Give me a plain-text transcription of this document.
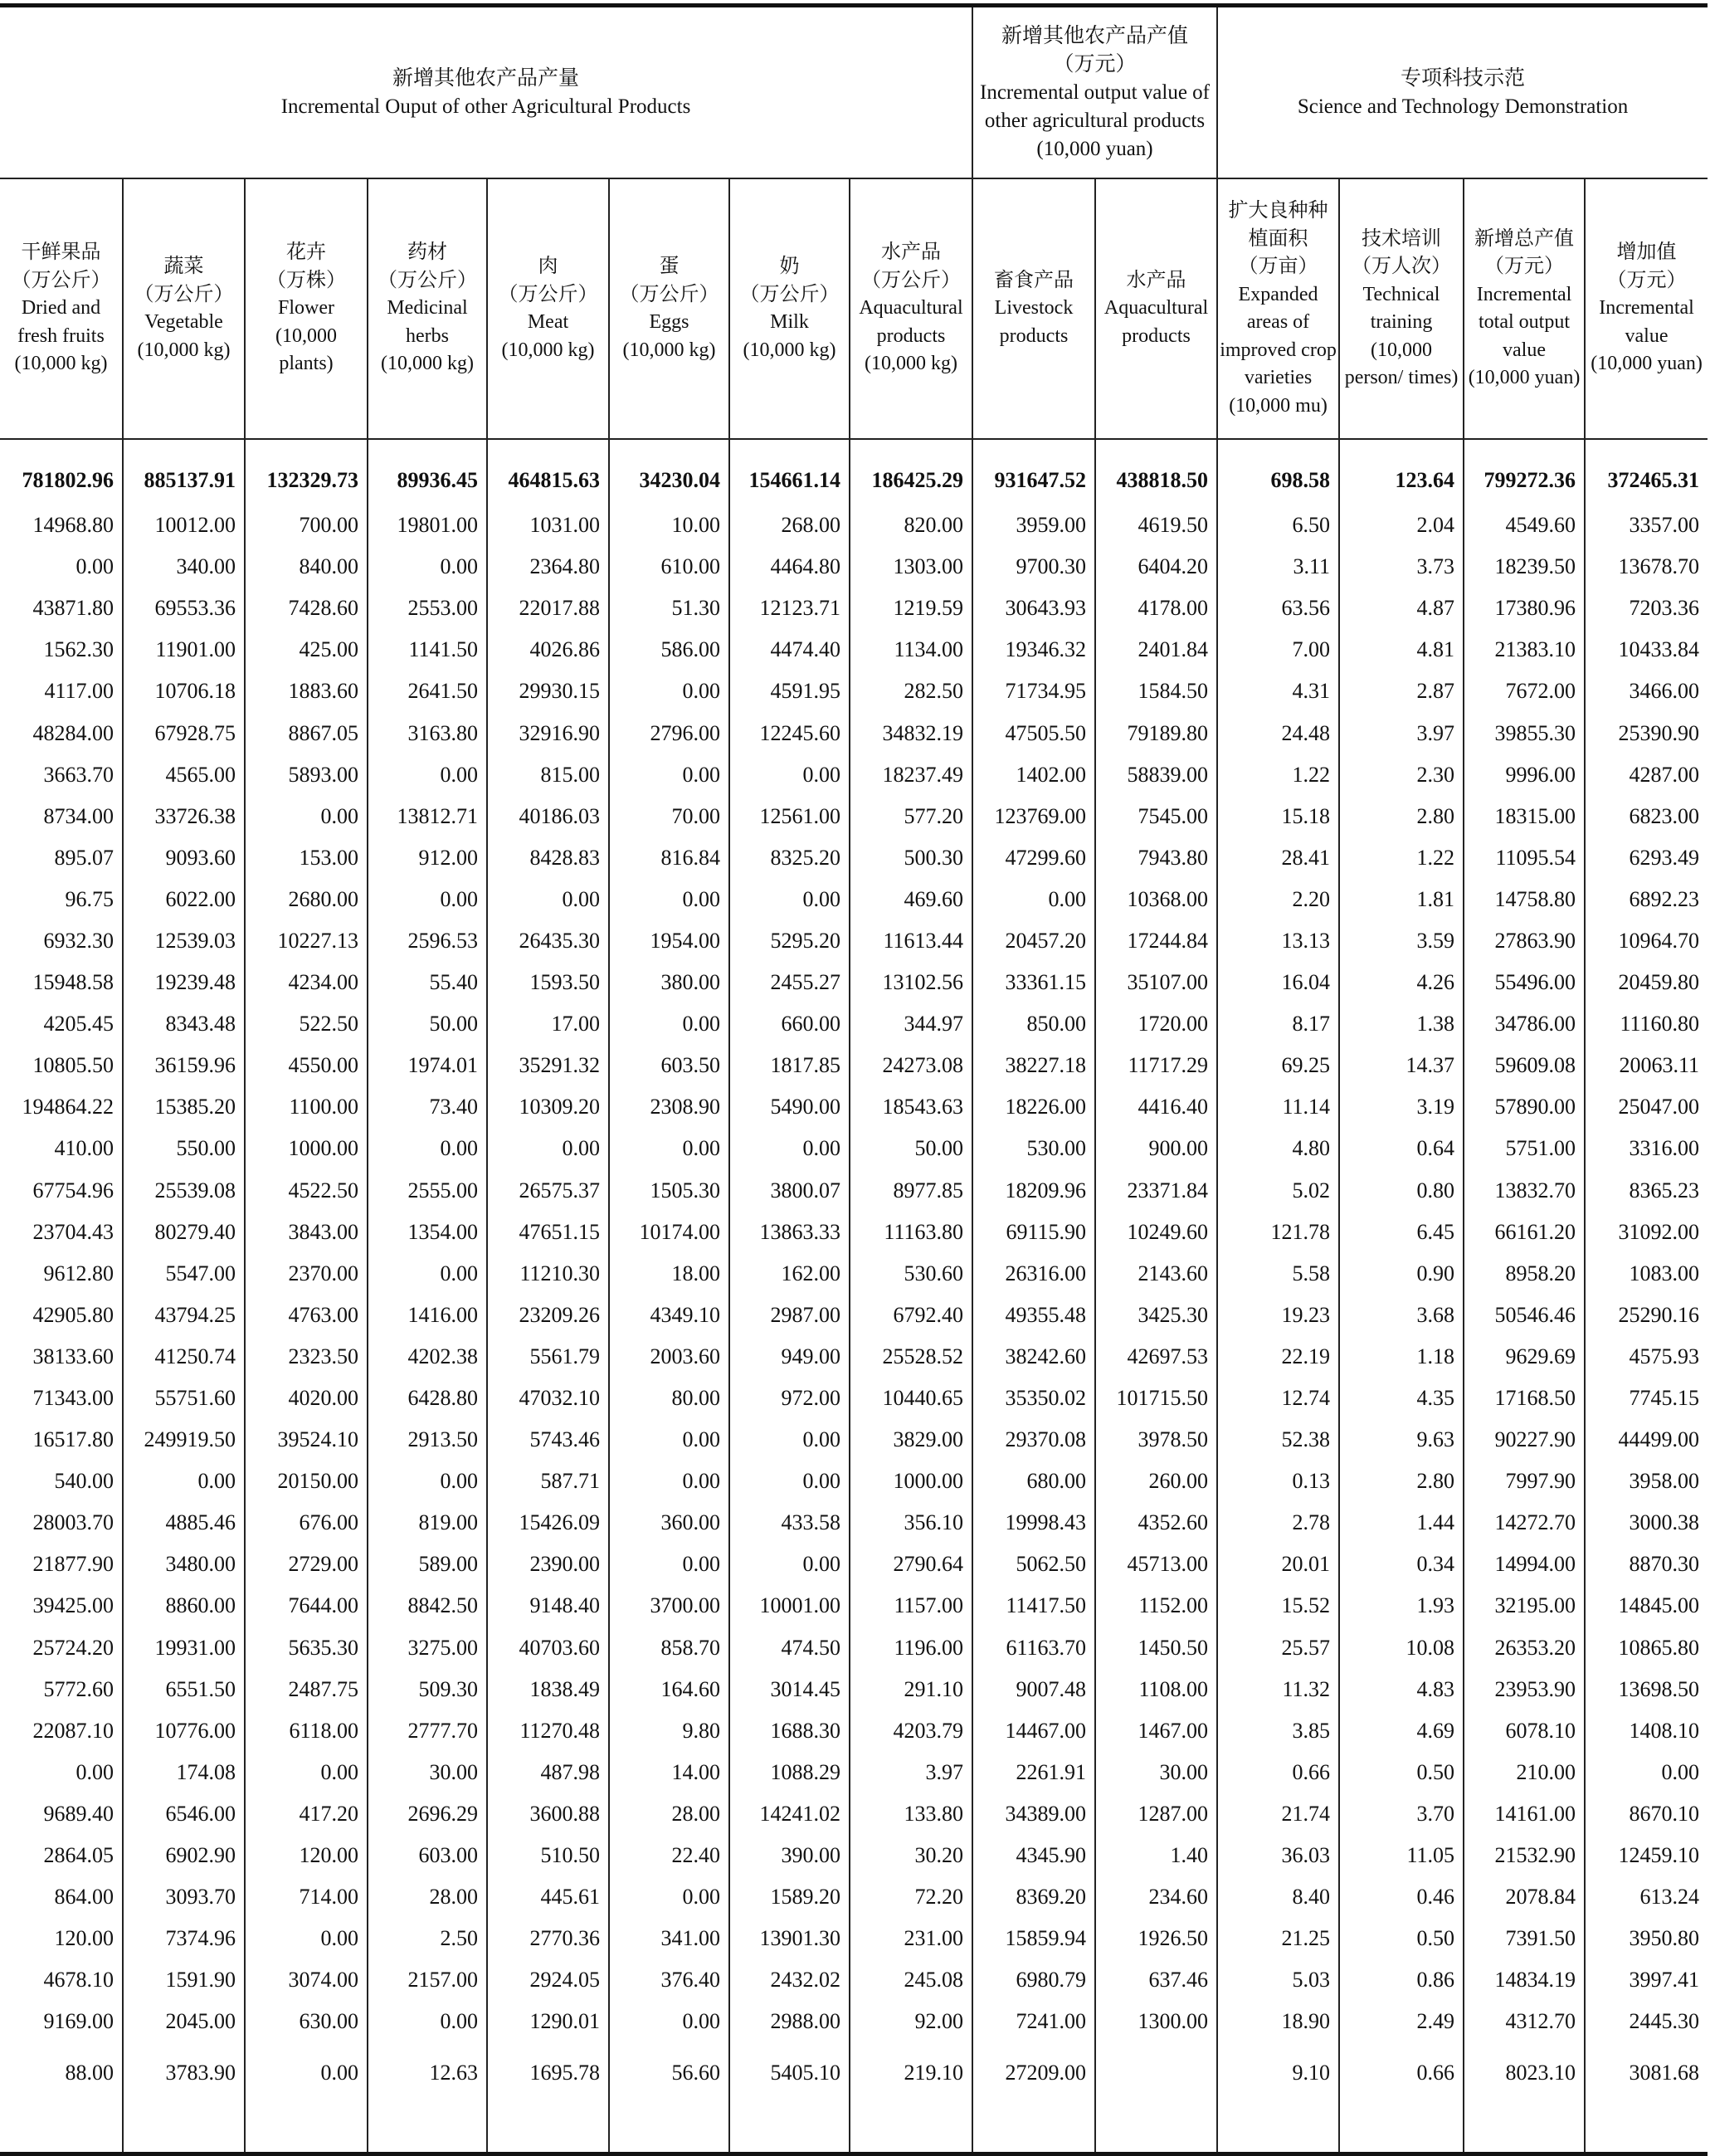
新增其他农产品产量
Incremental Ouput of other Agricultural Products								新增其他农产品产值
（万元）
Incremental output value of other agricultural products
(10,000 yuan)		专项科技示范
Science and Technology Demonstration			

干鲜果品
（万公斤）
Dried and fresh fruits
(10,000 kg)	蔬菜
（万公斤）
Vegetable
(10,000 kg)	花卉
（万株）
Flower
(10,000 plants)	药材
（万公斤）
Medicinal herbs
(10,000 kg)	肉
（万公斤）
Meat
(10,000 kg)	蛋
（万公斤）
Eggs
(10,000 kg)	奶
（万公斤）
Milk
(10,000 kg)	水产品
（万公斤）
Aquacultural products
(10,000 kg)	畜食产品
Livestock products	水产品
Aquacultural products	扩大良种种植面积
（万亩）
Expanded areas of improved crop varieties
(10,000 mu)	技术培训
（万人次）
Technical training
(10,000 person/ times)	新增总产值
（万元）
Incremental total output value
(10,000 yuan)	增加值
（万元）
Incremental value
(10,000 yuan)

781802.96	885137.91	132329.73	89936.45	464815.63	34230.04	154661.14	186425.29	931647.52	438818.50	698.58	123.64	799272.36	372465.31
14968.80	10012.00	700.00	19801.00	1031.00	10.00	268.00	820.00	3959.00	4619.50	6.50	2.04	4549.60	3357.00
0.00	340.00	840.00	0.00	2364.80	610.00	4464.80	1303.00	9700.30	6404.20	3.11	3.73	18239.50	13678.70
43871.80	69553.36	7428.60	2553.00	22017.88	51.30	12123.71	1219.59	30643.93	4178.00	63.56	4.87	17380.96	7203.36
1562.30	11901.00	425.00	1141.50	4026.86	586.00	4474.40	1134.00	19346.32	2401.84	7.00	4.81	21383.10	10433.84
4117.00	10706.18	1883.60	2641.50	29930.15	0.00	4591.95	282.50	71734.95	1584.50	4.31	2.87	7672.00	3466.00
48284.00	67928.75	8867.05	3163.80	32916.90	2796.00	12245.60	34832.19	47505.50	79189.80	24.48	3.97	39855.30	25390.90
3663.70	4565.00	5893.00	0.00	815.00	0.00	0.00	18237.49	1402.00	58839.00	1.22	2.30	9996.00	4287.00
8734.00	33726.38	0.00	13812.71	40186.03	70.00	12561.00	577.20	123769.00	7545.00	15.18	2.80	18315.00	6823.00
895.07	9093.60	153.00	912.00	8428.83	816.84	8325.20	500.30	47299.60	7943.80	28.41	1.22	11095.54	6293.49
96.75	6022.00	2680.00	0.00	0.00	0.00	0.00	469.60	0.00	10368.00	2.20	1.81	14758.80	6892.23
6932.30	12539.03	10227.13	2596.53	26435.30	1954.00	5295.20	11613.44	20457.20	17244.84	13.13	3.59	27863.90	10964.70
15948.58	19239.48	4234.00	55.40	1593.50	380.00	2455.27	13102.56	33361.15	35107.00	16.04	4.26	55496.00	20459.80
4205.45	8343.48	522.50	50.00	17.00	0.00	660.00	344.97	850.00	1720.00	8.17	1.38	34786.00	11160.80
10805.50	36159.96	4550.00	1974.01	35291.32	603.50	1817.85	24273.08	38227.18	11717.29	69.25	14.37	59609.08	20063.11
194864.22	15385.20	1100.00	73.40	10309.20	2308.90	5490.00	18543.63	18226.00	4416.40	11.14	3.19	57890.00	25047.00
410.00	550.00	1000.00	0.00	0.00	0.00	0.00	50.00	530.00	900.00	4.80	0.64	5751.00	3316.00
67754.96	25539.08	4522.50	2555.00	26575.37	1505.30	3800.07	8977.85	18209.96	23371.84	5.02	0.80	13832.70	8365.23
23704.43	80279.40	3843.00	1354.00	47651.15	10174.00	13863.33	11163.80	69115.90	10249.60	121.78	6.45	66161.20	31092.00
9612.80	5547.00	2370.00	0.00	11210.30	18.00	162.00	530.60	26316.00	2143.60	5.58	0.90	8958.20	1083.00
42905.80	43794.25	4763.00	1416.00	23209.26	4349.10	2987.00	6792.40	49355.48	3425.30	19.23	3.68	50546.46	25290.16
38133.60	41250.74	2323.50	4202.38	5561.79	2003.60	949.00	25528.52	38242.60	42697.53	22.19	1.18	9629.69	4575.93
71343.00	55751.60	4020.00	6428.80	47032.10	80.00	972.00	10440.65	35350.02	101715.50	12.74	4.35	17168.50	7745.15
16517.80	249919.50	39524.10	2913.50	5743.46	0.00	0.00	3829.00	29370.08	3978.50	52.38	9.63	90227.90	44499.00
540.00	0.00	20150.00	0.00	587.71	0.00	0.00	1000.00	680.00	260.00	0.13	2.80	7997.90	3958.00
28003.70	4885.46	676.00	819.00	15426.09	360.00	433.58	356.10	19998.43	4352.60	2.78	1.44	14272.70	3000.38
21877.90	3480.00	2729.00	589.00	2390.00	0.00	0.00	2790.64	5062.50	45713.00	20.01	0.34	14994.00	8870.30
39425.00	8860.00	7644.00	8842.50	9148.40	3700.00	10001.00	1157.00	11417.50	1152.00	15.52	1.93	32195.00	14845.00
25724.20	19931.00	5635.30	3275.00	40703.60	858.70	474.50	1196.00	61163.70	1450.50	25.57	10.08	26353.20	10865.80
5772.60	6551.50	2487.75	509.30	1838.49	164.60	3014.45	291.10	9007.48	1108.00	11.32	4.83	23953.90	13698.50
22087.10	10776.00	6118.00	2777.70	11270.48	9.80	1688.30	4203.79	14467.00	1467.00	3.85	4.69	6078.10	1408.10
0.00	174.08	0.00	30.00	487.98	14.00	1088.29	3.97	2261.91	30.00	0.66	0.50	210.00	0.00
9689.40	6546.00	417.20	2696.29	3600.88	28.00	14241.02	133.80	34389.00	1287.00	21.74	3.70	14161.00	8670.10
2864.05	6902.90	120.00	603.00	510.50	22.40	390.00	30.20	4345.90	1.40	36.03	11.05	21532.90	12459.10
864.00	3093.70	714.00	28.00	445.61	0.00	1589.20	72.20	8369.20	234.60	8.40	0.46	2078.84	613.24
120.00	7374.96	0.00	2.50	2770.36	341.00	13901.30	231.00	15859.94	1926.50	21.25	0.50	7391.50	3950.80
4678.10	1591.90	3074.00	2157.00	2924.05	376.40	2432.02	245.08	6980.79	637.46	5.03	0.86	14834.19	3997.41
9169.00	2045.00	630.00	0.00	1290.01	0.00	2988.00	92.00	7241.00	1300.00	18.90	2.49	4312.70	2445.30
88.00	3783.90	0.00	12.63	1695.78	56.60	5405.10	219.10	27209.00		9.10	0.66	8023.10	3081.68
